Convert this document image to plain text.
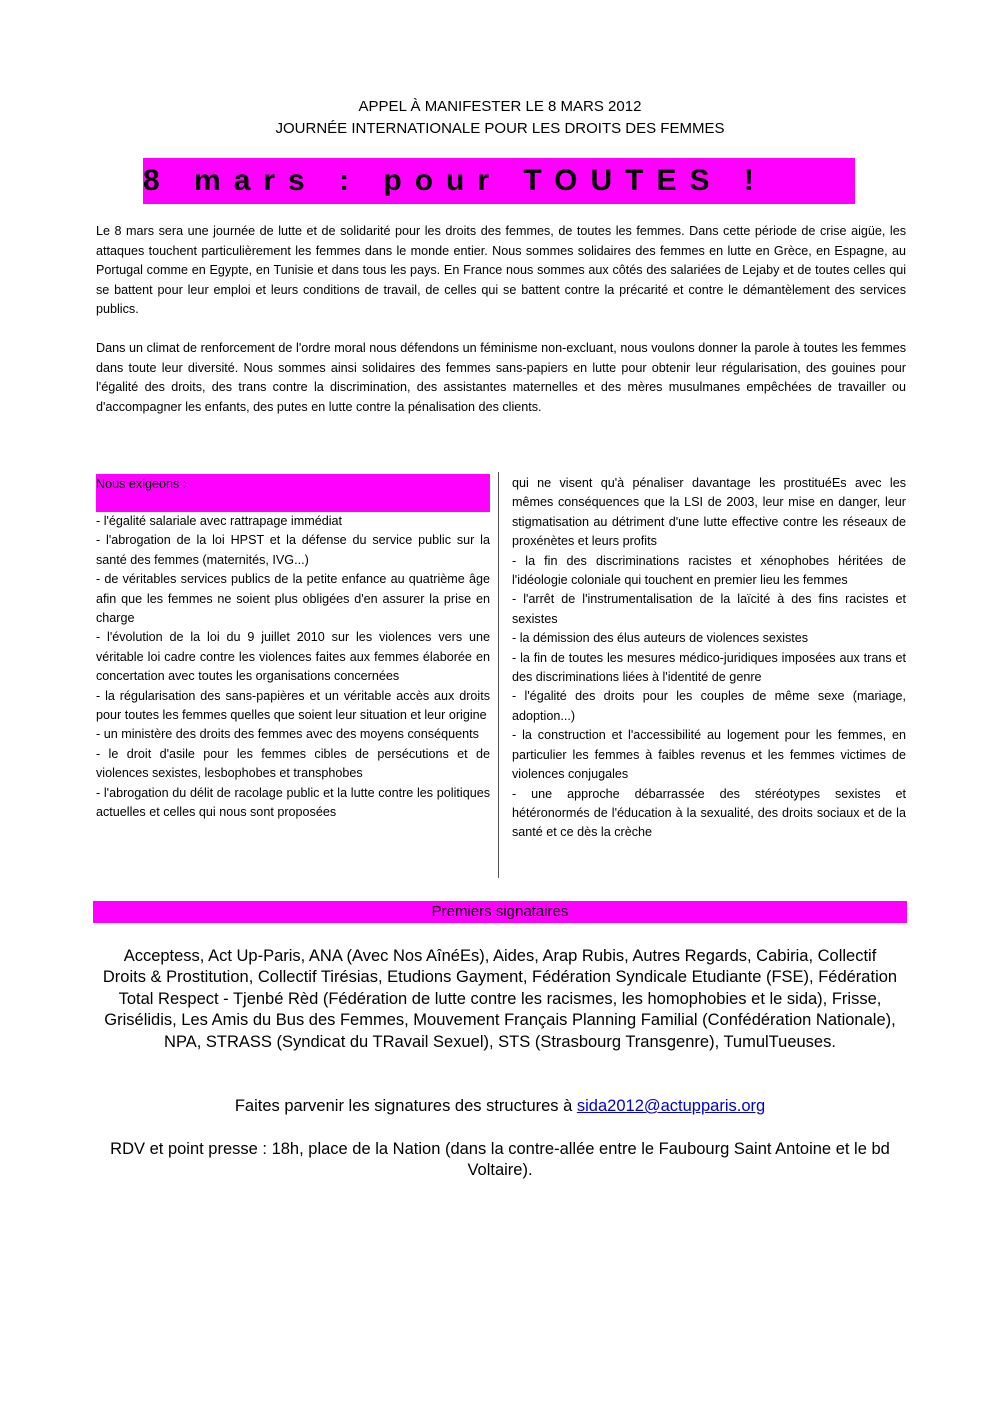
APPEL À MANIFESTER LE 8 MARS 2012
JOURNÉE INTERNATIONALE POUR LES DROITS DES FEMMES
8 mars : pour TOUTES !

Le 8 mars sera une journée de lutte et de solidarité pour les droits des femmes, de toutes les femmes. Dans cette période de crise aigüe, les attaques touchent particulièrement les femmes dans le monde entier. Nous sommes solidaires des femmes en lutte en Grèce, en Espagne, au Portugal comme en Egypte, en Tunisie et dans tous les pays. En France nous sommes aux côtés des salariées de Lejaby et de toutes celles qui se battent pour leur emploi et leurs conditions de travail, de celles qui se battent contre la précarité et contre le démantèlement des services publics.

Dans un climat de renforcement de l'ordre moral nous défendons un féminisme non-excluant, nous voulons donner la parole à toutes les femmes dans toute leur diversité. Nous sommes ainsi solidaires des femmes sans-papiers en lutte pour obtenir leur régularisation, des gouines pour l'égalité des droits, des trans contre la discrimination, des assistantes maternelles et des mères musulmanes empêchées de travailler ou d'accompagner les enfants, des putes en lutte contre la pénalisation des clients.

Nous exigeons :

- l'égalité salariale avec rattrapage immédiat

- l'abrogation de la loi HPST et la défense du service public sur la santé des femmes (maternités, IVG...)

- de véritables services publics de la petite enfance au quatrième âge afin que les femmes ne soient plus obligées d'en assurer la prise en charge

- l'évolution de la loi du 9 juillet 2010 sur les violences vers une véritable loi cadre contre les violences faites aux femmes élaborée en concertation avec toutes les organisations concernées

- la régularisation des sans-papières et un véritable accès aux droits pour toutes les femmes quelles que soient leur situation et leur origine

- un ministère des droits des femmes avec des moyens conséquents

- le droit d'asile pour les femmes cibles de persécutions et de violences sexistes, lesbophobes et transphobes

- l'abrogation du délit de racolage public et la lutte contre les politiques actuelles et celles qui nous sont proposées

qui ne visent qu'à pénaliser davantage les prostituéEs avec les mêmes conséquences que la LSI de 2003, leur mise en danger, leur stigmatisation au détriment d'une lutte effective contre les réseaux de proxénètes et leurs profits

- la fin des discriminations racistes et xénophobes héritées de l'idéologie coloniale qui touchent en premier lieu les femmes

- l'arrêt de l'instrumentalisation de la laïcité à des fins racistes et sexistes

- la démission des élus auteurs de violences sexistes

- la fin de toutes les mesures médico-juridiques imposées aux trans et des discriminations liées à l'identité de genre

- l'égalité des droits pour les couples de même sexe (mariage, adoption...)

- la construction et l'accessibilité au logement pour les femmes, en particulier les femmes à faibles revenus et les femmes victimes de violences conjugales

- une approche débarrassée des stéréotypes sexistes et hétéronormés de l'éducation à la sexualité, des droits sociaux et de la santé et ce dès la crèche

Premiers signataires

Acceptess, Act Up-Paris, ANA (Avec Nos AînéEs), Aides, Arap Rubis, Autres Regards, Cabiria, Collectif Droits & Prostitution, Collectif Tirésias, Etudions Gayment, Fédération Syndicale Etudiante (FSE), Fédération Total Respect - Tjenbé Rèd (Fédération de lutte contre les racismes, les homophobies et le sida), Frisse, Grisélidis, Les Amis du Bus des Femmes, Mouvement Français Planning Familial (Confédération Nationale), NPA, STRASS (Syndicat du TRavail Sexuel), STS (Strasbourg Transgenre), TumulTueuses.

Faites parvenir les signatures des structures à sida2012@actupparis.org

RDV et point presse : 18h, place de la Nation (dans la contre-allée entre le Faubourg Saint Antoine et le bd Voltaire).
